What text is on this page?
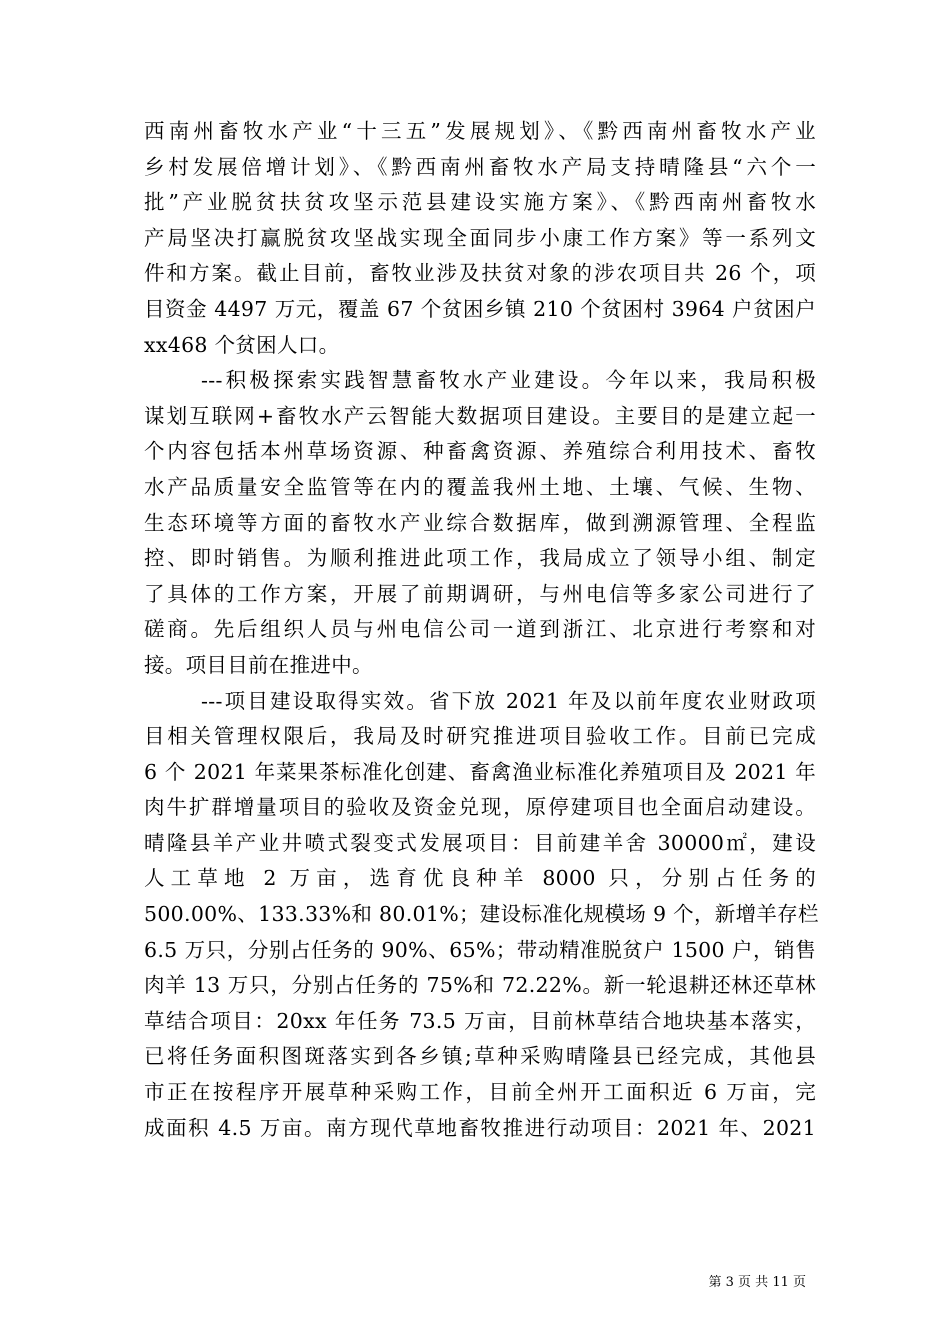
西南州畜牧水产业“十三五”发展规划》、《黔西南州畜牧水产业
乡村发展倍增计划》、《黔西南州畜牧水产局支持晴隆县“六个一
批”产业脱贫扶贫攻坚示范县建设实施方案》、《黔西南州畜牧水
产局坚决打赢脱贫攻坚战实现全面同步小康工作方案》等一系列文
件和方案。截止目前，畜牧业涉及扶贫对象的涉农项目共 26 个，项
目资金 4497 万元，覆盖 67 个贫困乡镇 210 个贫困村 3964 户贫困户
xx468 个贫困人口。
---积极探索实践智慧畜牧水产业建设。今年以来，我局积极
谋划互联网+畜牧水产云智能大数据项目建设。主要目的是建立起一
个内容包括本州草场资源、种畜禽资源、养殖综合利用技术、畜牧
水产品质量安全监管等在内的覆盖我州土地、土壤、气候、生物、
生态环境等方面的畜牧水产业综合数据库，做到溯源管理、全程监
控、即时销售。为顺利推进此项工作，我局成立了领导小组、制定
了具体的工作方案，开展了前期调研，与州电信等多家公司进行了
磋商。先后组织人员与州电信公司一道到浙江、北京进行考察和对
接。项目目前在推进中。
---项目建设取得实效。省下放 2021 年及以前年度农业财政项
目相关管理权限后，我局及时研究推进项目验收工作。目前已完成
6 个 2021 年菜果茶标准化创建、畜禽渔业标准化养殖项目及 2021 年
肉牛扩群增量项目的验收及资金兑现，原停建项目也全面启动建设。
晴隆县羊产业井喷式裂变式发展项目：目前建羊舍 30000㎡，建设
人工草地 2 万亩，选育优良种羊 8000 只，分别占任务的
500.00%、133.33%和 80.01%；建设标准化规模场 9 个，新增羊存栏
6.5 万只，分别占任务的 90%、65%；带动精准脱贫户 1500 户，销售
肉羊 13 万只，分别占任务的 75%和 72.22%。新一轮退耕还林还草林
草结合项目：20xx 年任务 73.5 万亩，目前林草结合地块基本落实，
已将任务面积图斑落实到各乡镇;草种采购晴隆县已经完成，其他县
市正在按程序开展草种采购工作，目前全州开工面积近 6 万亩，完
成面积 4.5 万亩。南方现代草地畜牧推进行动项目：2021 年、2021
第 3 页 共 11 页
